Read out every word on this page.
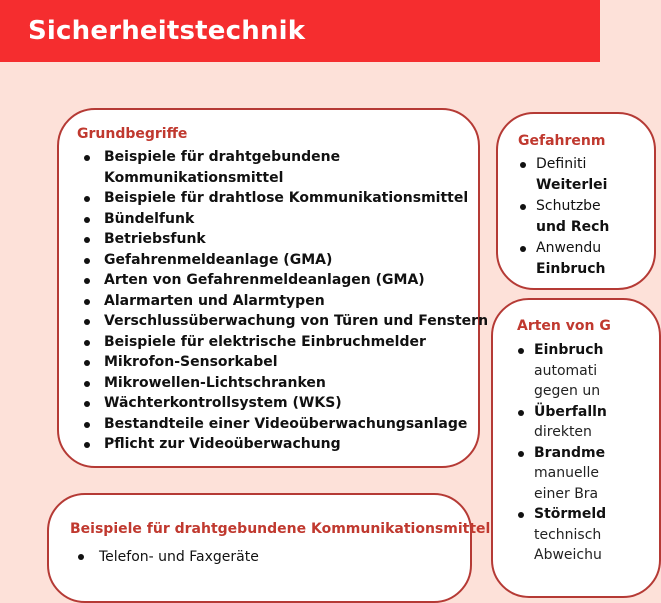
Sicherheitstechnik
Grundbegriffe
Beispiele für drahtgebundene
Kommunikationsmittel
Beispiele für drahtlose Kommunikationsmittel
Bündelfunk
Betriebsfunk
Gefahrenmeldeanlage (GMA)
Arten von Gefahrenmeldeanlagen (GMA)
Alarmarten und Alarmtypen
Verschlussüberwachung von Türen und Fenstern
Beispiele für elektrische Einbruchmelder
Mikrofon-Sensorkabel
Mikrowellen-Lichtschranken
Wächterkontrollsystem (WKS)
Bestandteile einer Videoüberwachungsanlage
Pflicht zur Videoüberwachung
Beispiele für drahtgebundene Kommunikationsmittel
Telefon- und Faxgeräte
Gefahrenm
Definiti
Weiterlei
Schutzbe
und Rech
Anwendu
Einbruch
Arten von G
Einbruch
automati
gegen un
Überfalln
direkten
Brandme
manuelle
einer Bra
Störmeld
technisch
Abweichu
